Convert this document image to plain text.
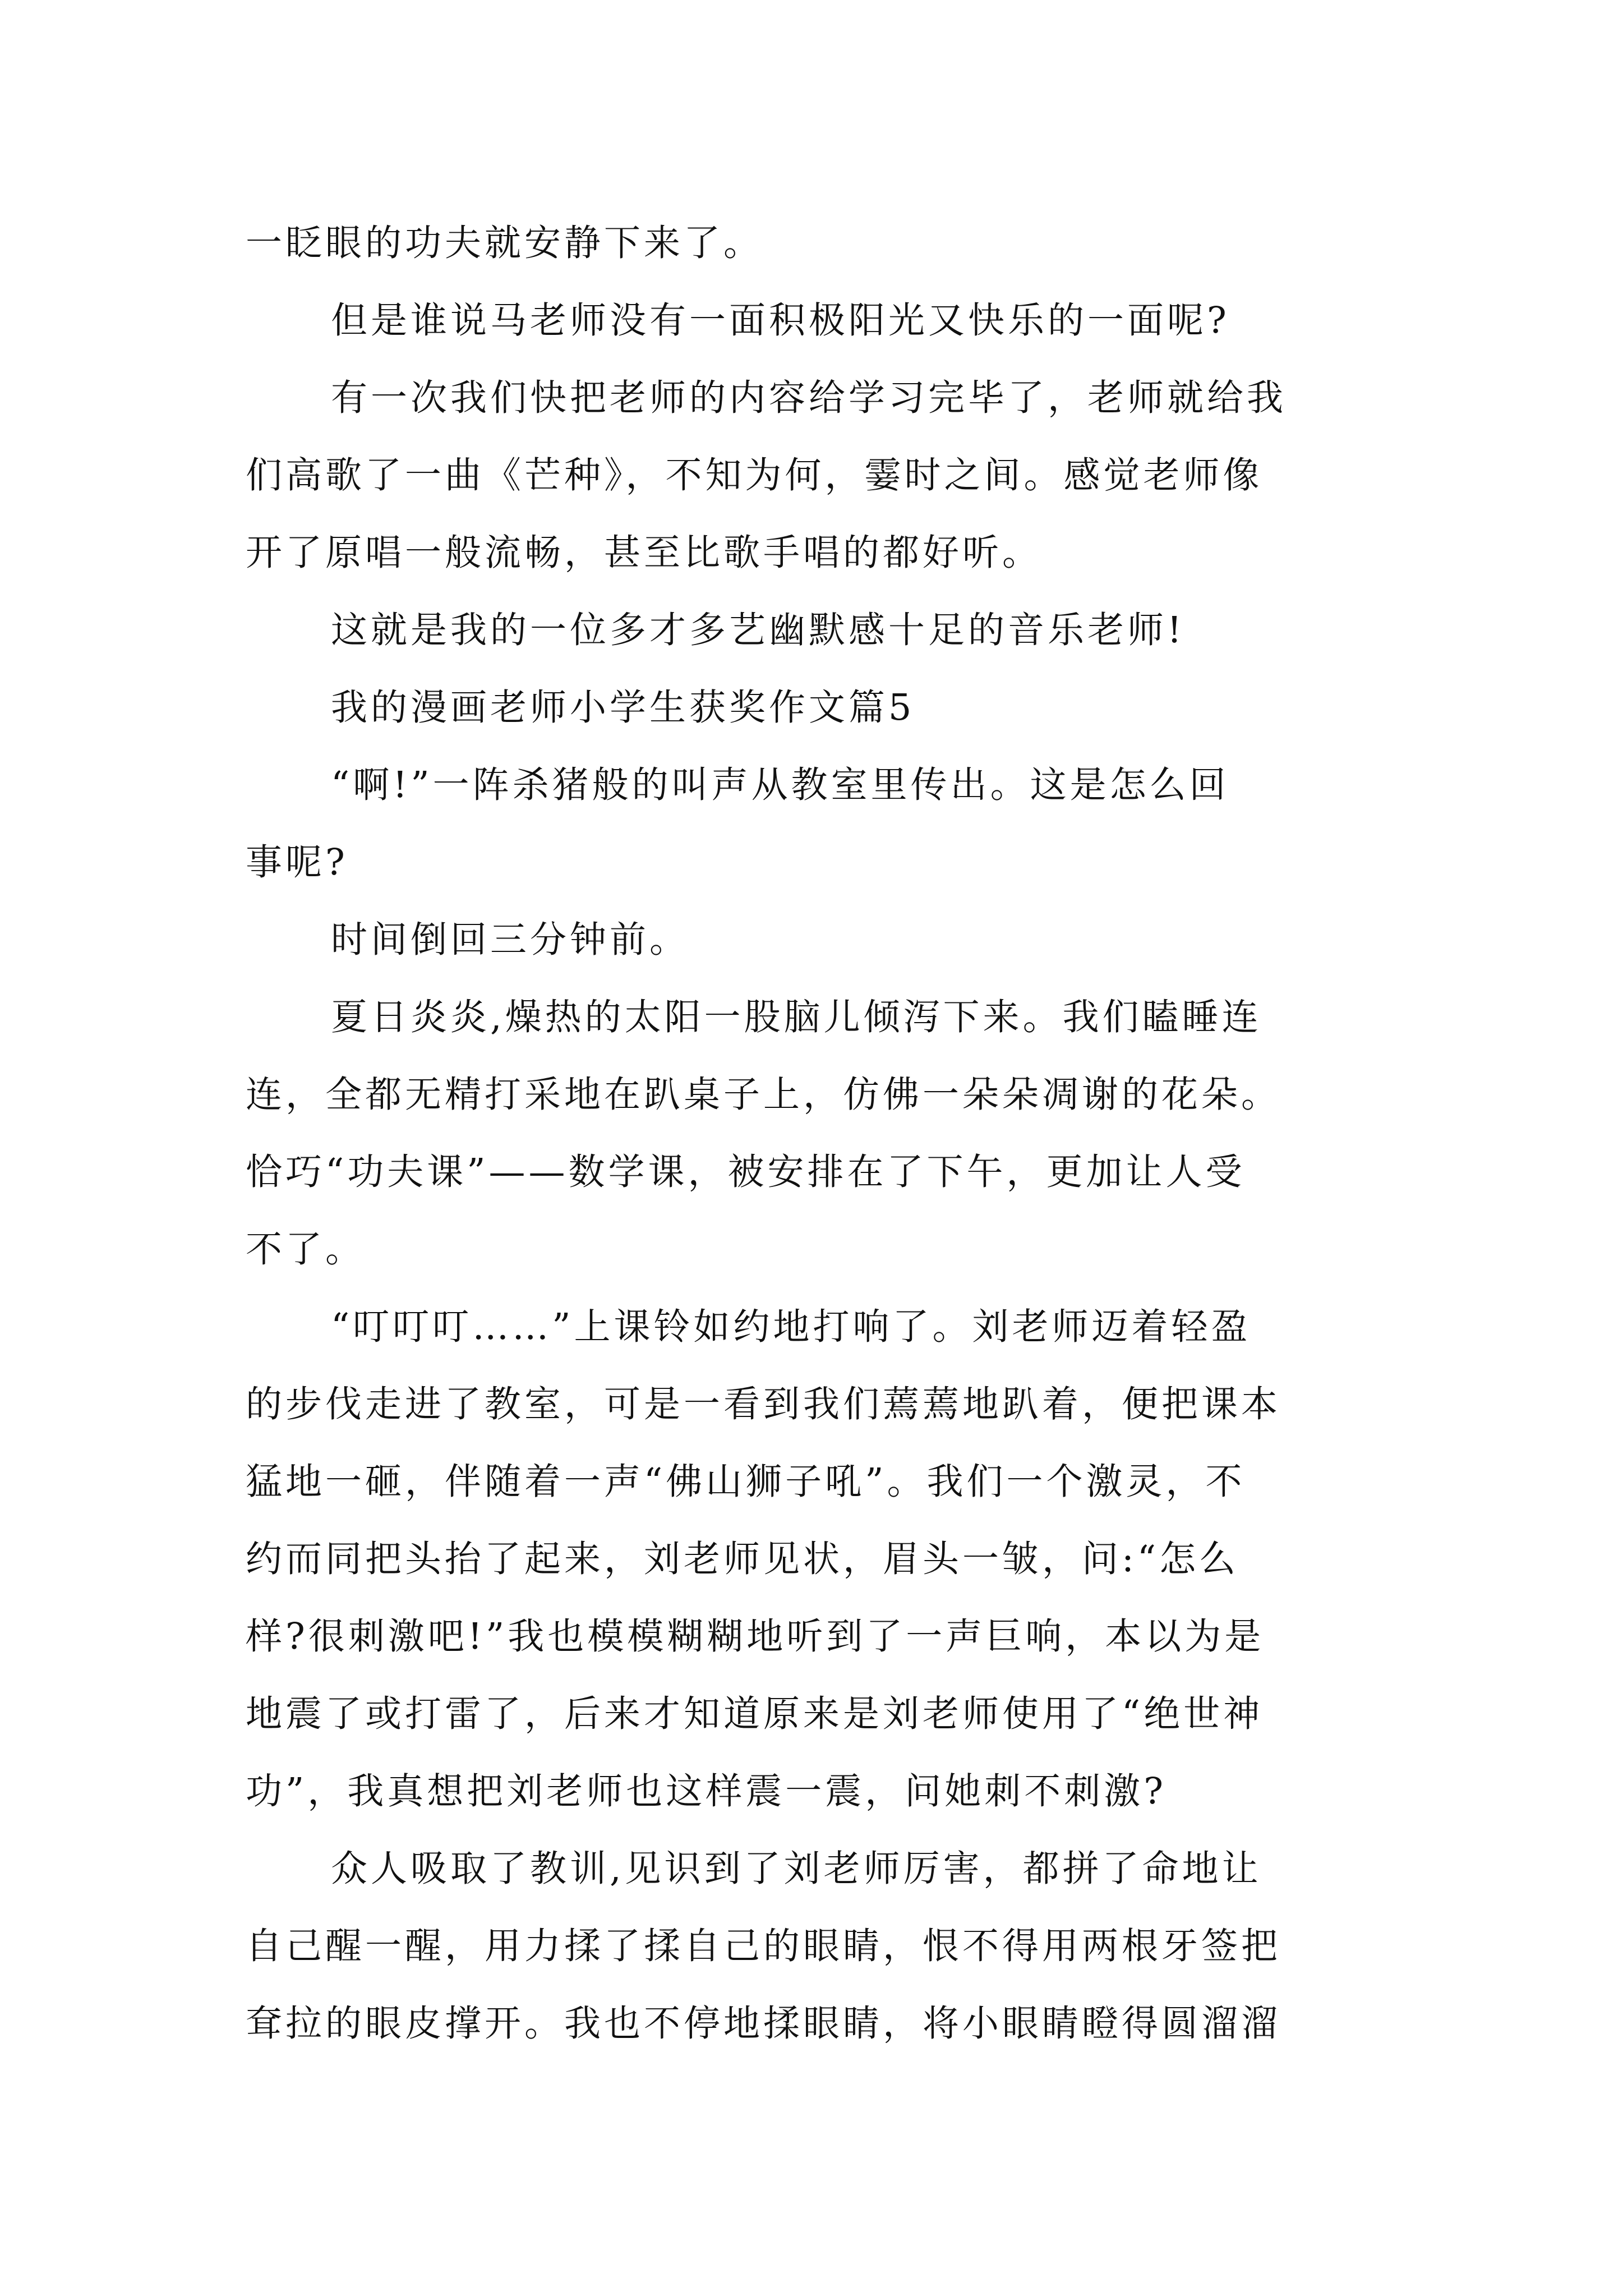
一眨眼的功夫就安静下来了。
但是谁说马老师没有一面积极阳光又快乐的一面呢?
有一次我们快把老师的内容给学习完毕了，老师就给我
们高歌了一曲《芒种》，不知为何，霎时之间。感觉老师像
开了原唱一般流畅，甚至比歌手唱的都好听。
这就是我的一位多才多艺幽默感十足的音乐老师!
我的漫画老师小学生获奖作文篇5
“啊!”一阵杀猪般的叫声从教室里传出。这是怎么回
事呢?
时间倒回三分钟前。
夏日炎炎,燥热的太阳一股脑儿倾泻下来。我们瞌睡连
连，全都无精打采地在趴桌子上，仿佛一朵朵凋谢的花朵。
恰巧“功夫课”——数学课，被安排在了下午，更加让人受
不了。
“叮叮叮……”上课铃如约地打响了。刘老师迈着轻盈
的步伐走进了教室，可是一看到我们蔫蔫地趴着，便把课本
猛地一砸，伴随着一声“佛山狮子吼”。我们一个激灵，不
约而同把头抬了起来，刘老师见状，眉头一皱，问:“怎么
样?很刺激吧!”我也模模糊糊地听到了一声巨响，本以为是
地震了或打雷了，后来才知道原来是刘老师使用了“绝世神
功”，我真想把刘老师也这样震一震，问她刺不刺激?
众人吸取了教训,见识到了刘老师厉害，都拼了命地让
自己醒一醒，用力揉了揉自己的眼睛，恨不得用两根牙签把
耷拉的眼皮撑开。我也不停地揉眼睛，将小眼睛瞪得圆溜溜
